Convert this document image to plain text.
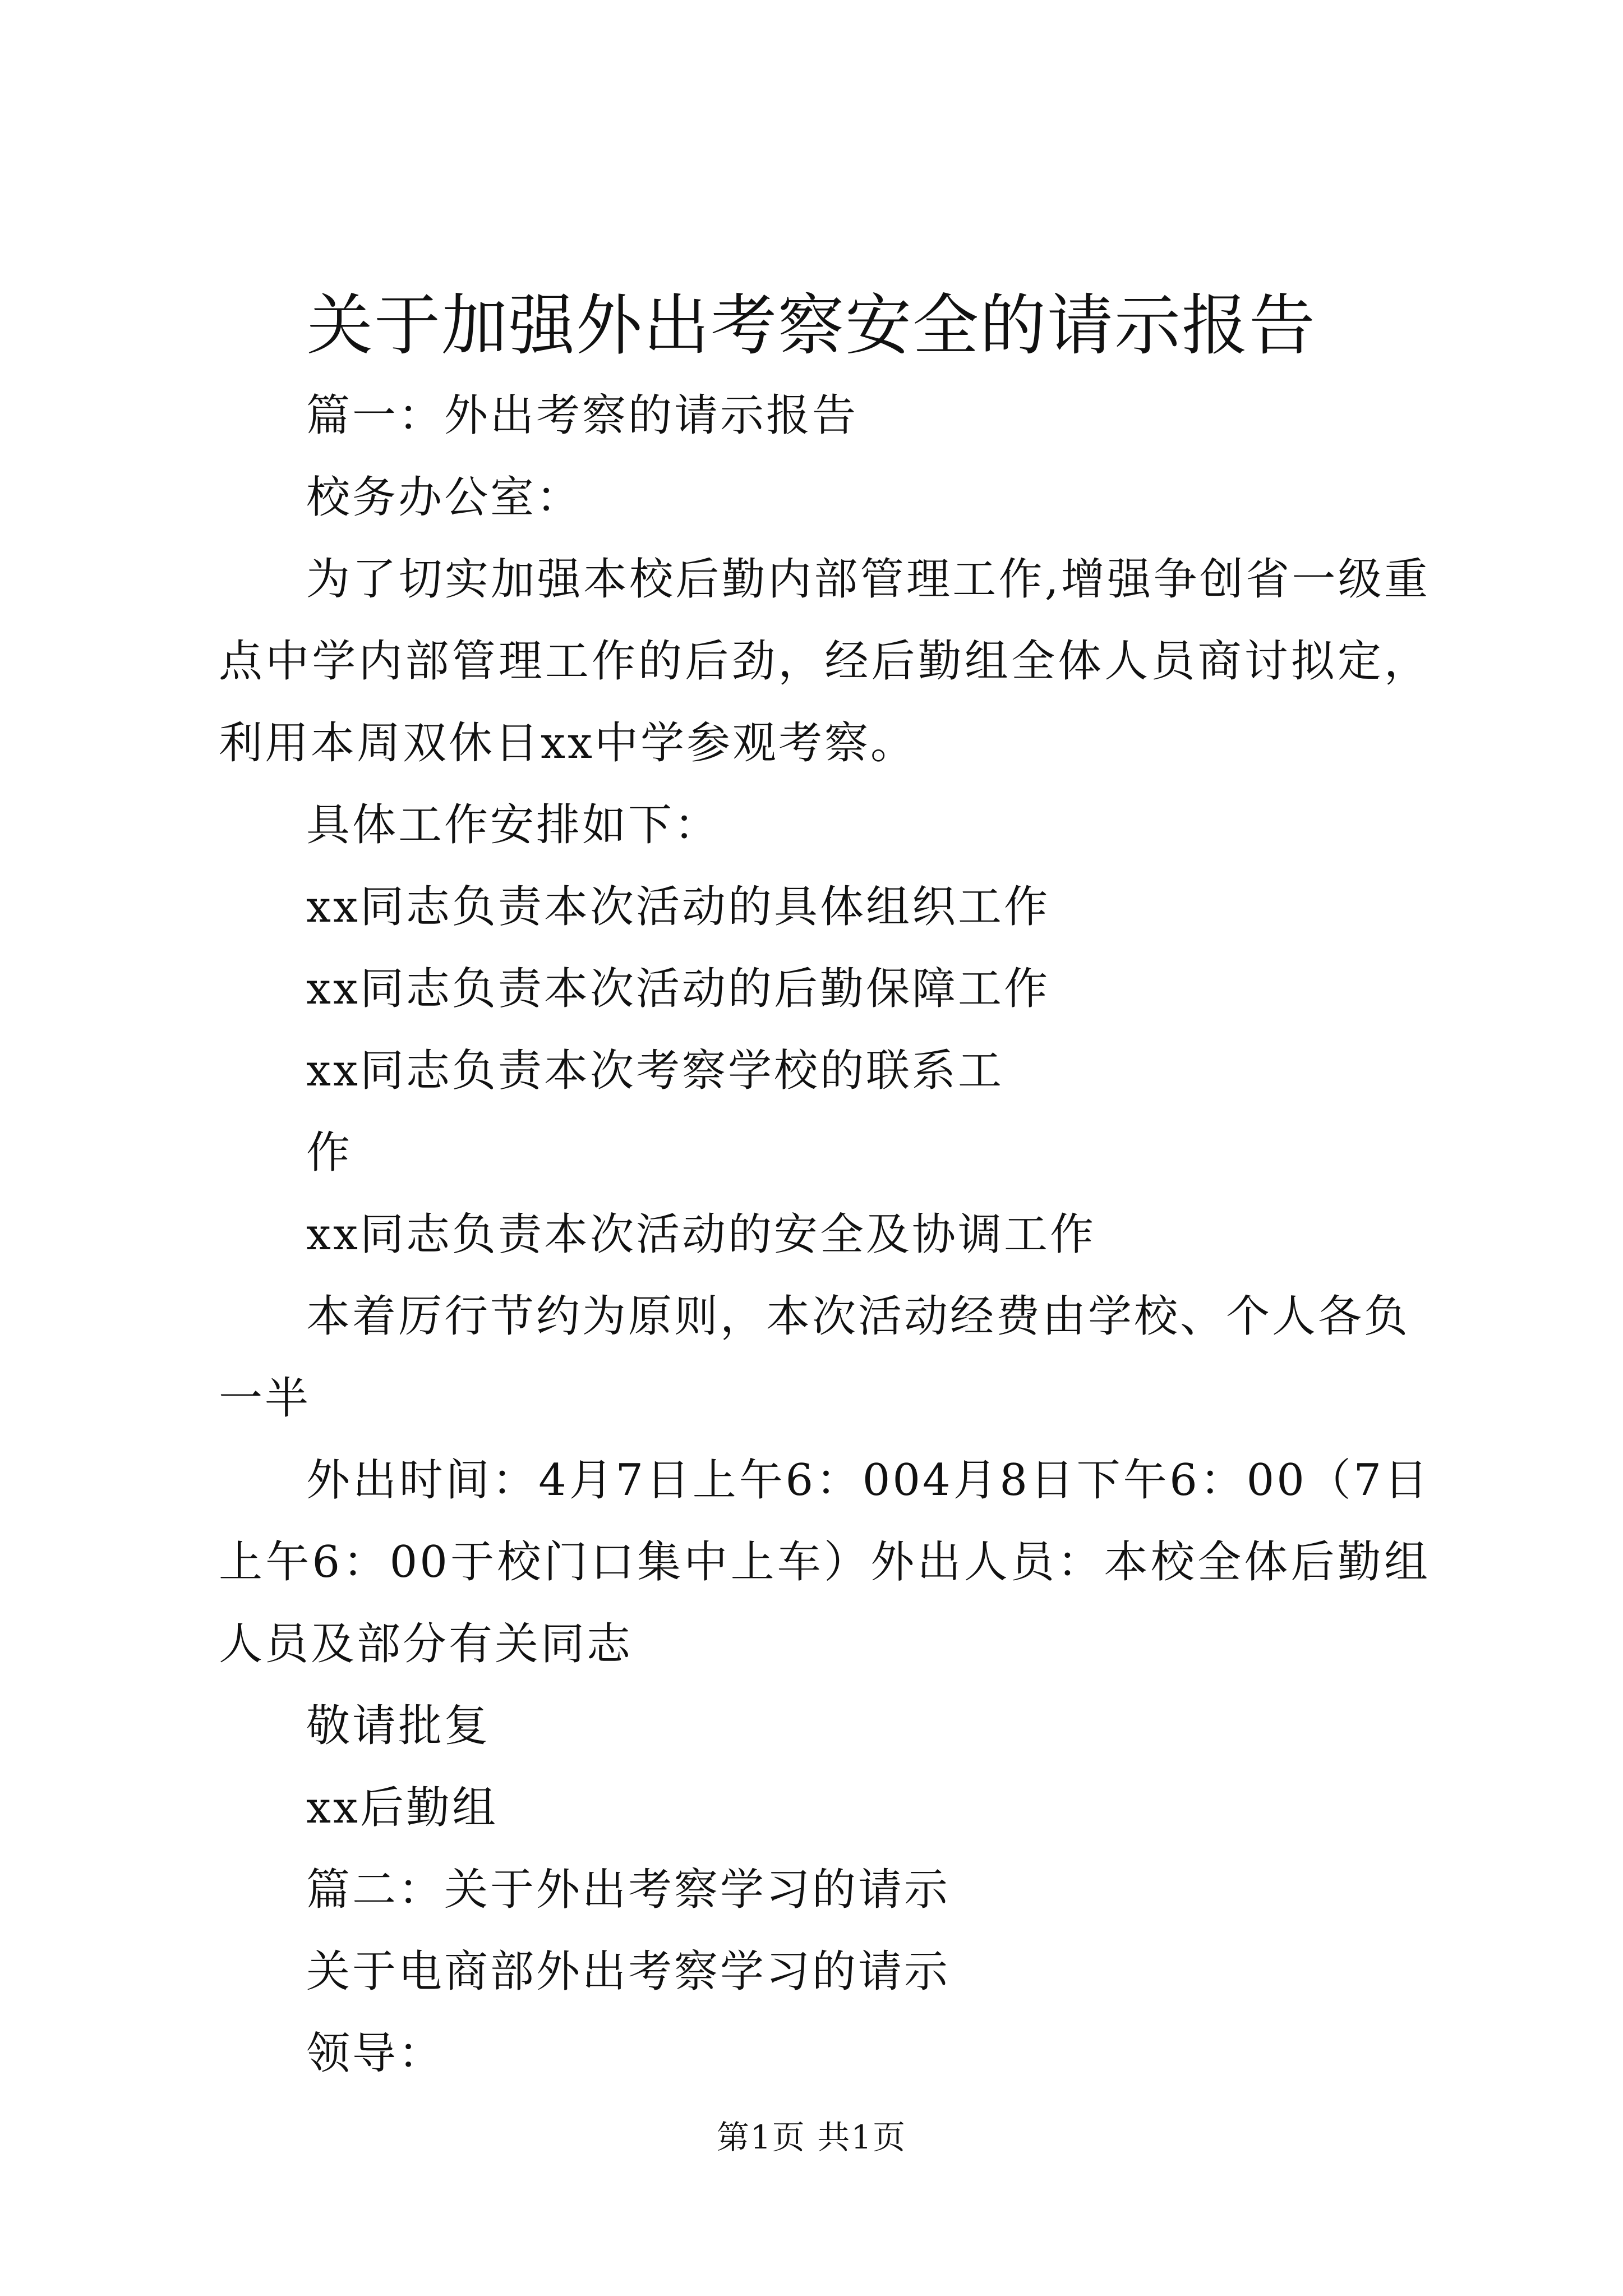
关于加强外出考察安全的请示报告

篇一：外出考察的请示报告

校务办公室：

为了切实加强本校后勤内部管理工作,增强争创省一级重点中学内部管理工作的后劲，经后勤组全体人员商讨拟定，利用本周双休日xx中学参观考察。

具体工作安排如下：

xx同志负责本次活动的具体组织工作

xx同志负责本次活动的后勤保障工作

xx同志负责本次考察学校的联系工

作

xx同志负责本次活动的安全及协调工作

本着厉行节约为原则，本次活动经费由学校、个人各负一半

外出时间：4月7日上午6：004月8日下午6：00（7日上午6：00于校门口集中上车）外出人员：本校全体后勤组人员及部分有关同志

敬请批复

xx后勤组

篇二：关于外出考察学习的请示

关于电商部外出考察学习的请示

领导：

第1页 共1页
